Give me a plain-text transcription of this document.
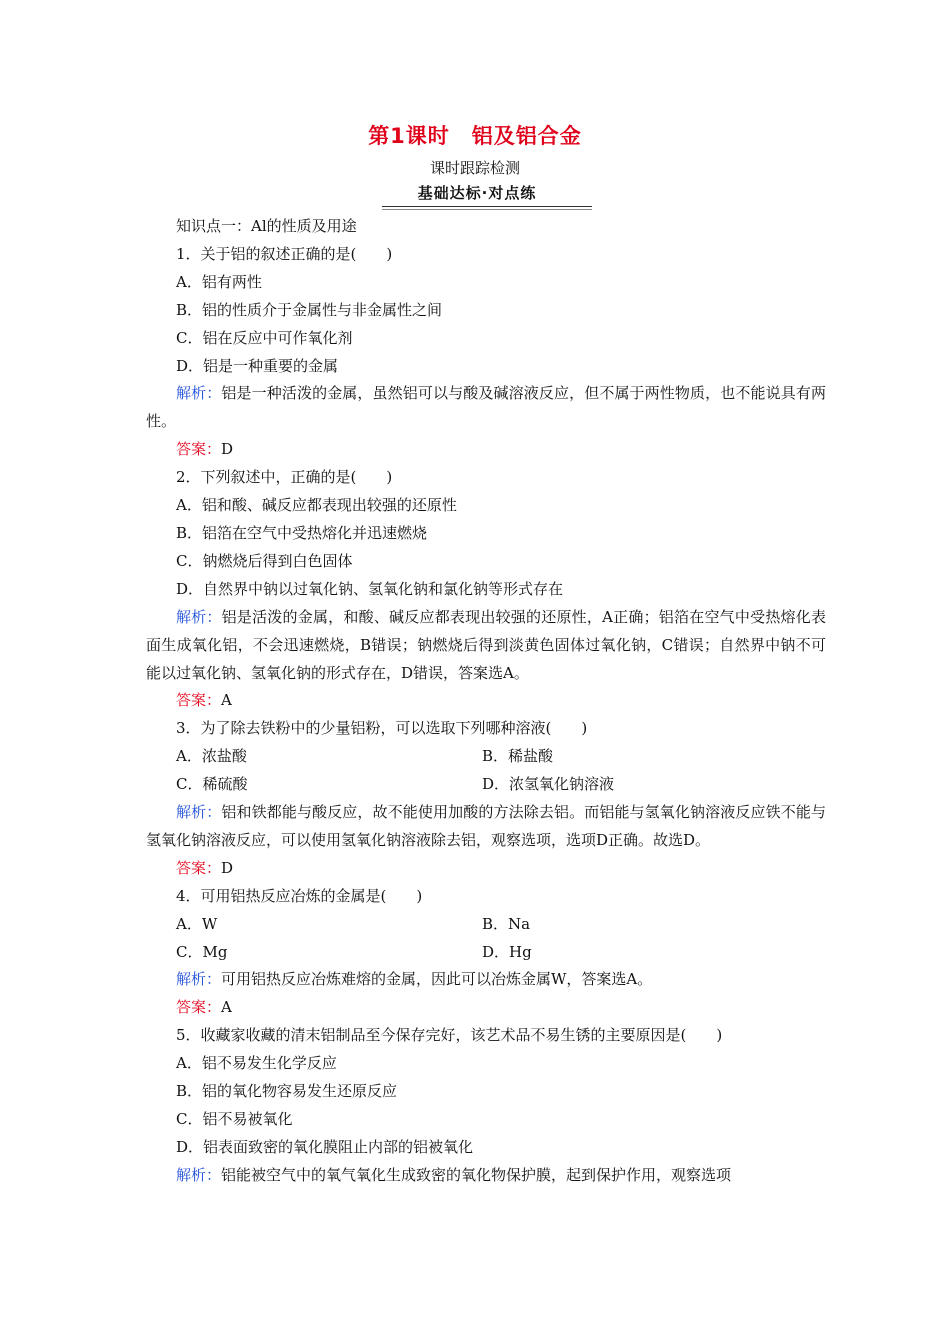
第1课时　铝及铝合金
课时跟踪检测
基础达标·对点练

知识点一：Al的性质及用途

1．关于铝的叙述正确的是(　　)

A．铝有两性

B．铝的性质介于金属性与非金属性之间

C．铝在反应中可作氧化剂

D．铝是一种重要的金属

解析：铝是一种活泼的金属，虽然铝可以与酸及碱溶液反应，但不属于两性物质，也不能说具有两性。

答案：D

2．下列叙述中，正确的是(　　)

A．铝和酸、碱反应都表现出较强的还原性

B．铝箔在空气中受热熔化并迅速燃烧

C．钠燃烧后得到白色固体

D．自然界中钠以过氧化钠、氢氧化钠和氯化钠等形式存在

解析：铝是活泼的金属，和酸、碱反应都表现出较强的还原性，A正确；铝箔在空气中受热熔化表面生成氧化铝，不会迅速燃烧，B错误；钠燃烧后得到淡黄色固体过氧化钠，C错误；自然界中钠不可能以过氧化钠、氢氧化钠的形式存在，D错误，答案选A。

答案：A

3．为了除去铁粉中的少量铝粉，可以选取下列哪种溶液(　　)

A．浓盐酸	B．稀盐酸
C．稀硫酸	D．浓氢氧化钠溶液

解析：铝和铁都能与酸反应，故不能使用加酸的方法除去铝。而铝能与氢氧化钠溶液反应铁不能与氢氧化钠溶液反应，可以使用氢氧化钠溶液除去铝，观察选项，选项D正确。故选D。

答案：D

4．可用铝热反应冶炼的金属是(　　)

A．W	B．Na
C．Mg	D．Hg

解析：可用铝热反应冶炼难熔的金属，因此可以冶炼金属W，答案选A。

答案：A

5．收藏家收藏的清末铝制品至今保存完好，该艺术品不易生锈的主要原因是(　　)

A．铝不易发生化学反应

B．铝的氧化物容易发生还原反应

C．铝不易被氧化

D．铝表面致密的氧化膜阻止内部的铝被氧化

解析：铝能被空气中的氧气氧化生成致密的氧化物保护膜，起到保护作用，观察选项
